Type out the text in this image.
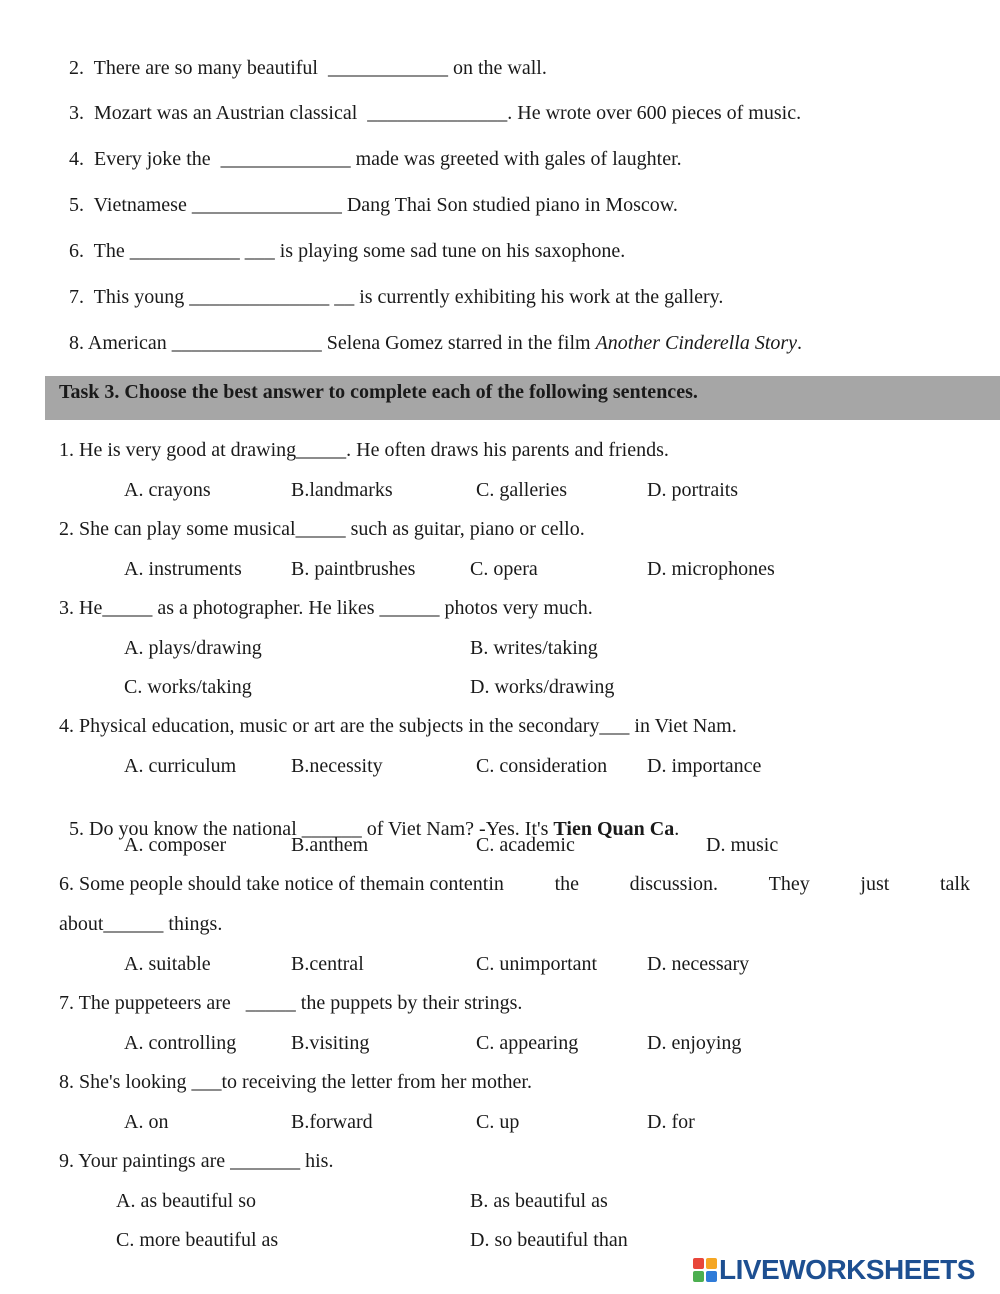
2. There are so many beautiful  ____________ on the wall.

3. Mozart was an Austrian classical  ______________. He wrote over 600 pieces of music.

4. Every joke the  _____________ made was greeted with gales of laughter.

5. Vietnamese _______________ Dang Thai Son studied piano in Moscow.

6. The ___________ ___ is playing some sad tune on his saxophone.

7. This young ______________ __ is currently exhibiting his work at the gallery.

8. American _______________ Selena Gomez starred in the film Another Cinderella Story.

Task 3. Choose the best answer to complete each of the following sentences.
1. He is very good at drawing_____. He often draws his parents and friends.
A. crayons	B.landmarks	C. galleries	D. portraits
2. She can play some musical_____ such as guitar, piano or cello.
A. instruments B. paintbrushes	C. opera	D. microphones
3. He_____ as a photographer. He likes ______ photos very much.
A. plays/drawing	B. writes/taking
C. works/taking	D. works/drawing
4. Physical education, music or art are the subjects in the secondary___ in Viet Nam.
A. curriculum	B.necessity	C. consideration D. importance

5. Do you know the national ______ of Viet Nam? -Yes. It's Tien Quan Ca.

A. composer	B.anthem	C. academic	D. music
6. Some people should take notice of themain contentin	the	discussion.	They	just	talk
about______ things.
A. suitable	B.central	C. unimportant D. necessary
7. The puppeteers are   _____ the puppets by their strings.
A. controlling	B.visiting	C. appearing	D. enjoying
8. She's looking ___to receiving the letter from her mother.
A. on	B.forward	C. up	D. for
9. Your paintings are _______ his.
A. as beautiful so	B. as beautiful as
C. more beautiful as	D. so beautiful than
LIVEWORKSHEETS
